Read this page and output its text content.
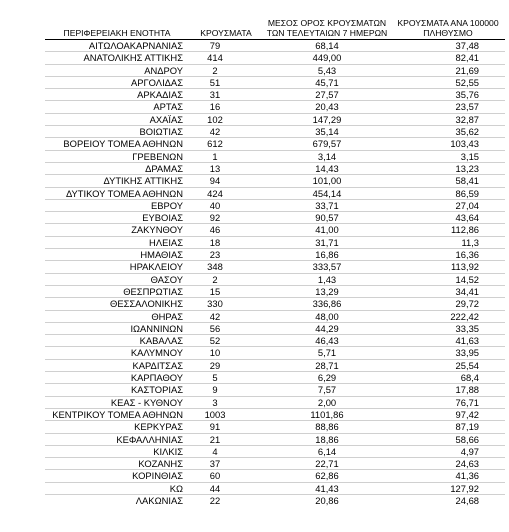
ΠΕΡΙΦΕΡΕΙΑΚΗ ΕΝΟΤΗΤΑ	ΚΡΟΥΣΜΑΤΑ	ΜΕΣΟΣ ΟΡΟΣ ΚΡΟΥΣΜΑΤΩΝ ΤΩΝ ΤΕΛΕΥΤΑΙΩΝ 7 ΗΜΕΡΩΝ	ΚΡΟΥΣΜΑΤΑ ΑΝΑ 100000 ΠΛΗΘΥΣΜΟ
ΑΙΤΩΛΟΑΚΑΡΝΑΝΙΑΣ	79	68,14	37,48
ΑΝΑΤΟΛΙΚΗΣ ΑΤΤΙΚΗΣ	414	449,00	82,41
ΑΝΔΡΟΥ	2	5,43	21,69
ΑΡΓΟΛΙΔΑΣ	51	45,71	52,55
ΑΡΚΑΔΙΑΣ	31	27,57	35,76
ΑΡΤΑΣ	16	20,43	23,57
ΑΧΑΪΑΣ	102	147,29	32,87
ΒΟΙΩΤΙΑΣ	42	35,14	35,62
ΒΟΡΕΙΟΥ ΤΟΜΕΑ ΑΘΗΝΩΝ	612	679,57	103,43
ΓΡΕΒΕΝΩΝ	1	3,14	3,15
ΔΡΑΜΑΣ	13	14,43	13,23
ΔΥΤΙΚΗΣ ΑΤΤΙΚΗΣ	94	101,00	58,41
ΔΥΤΙΚΟΥ ΤΟΜΕΑ ΑΘΗΝΩΝ	424	454,14	86,59
ΕΒΡΟΥ	40	33,71	27,04
ΕΥΒΟΙΑΣ	92	90,57	43,64
ΖΑΚΥΝΘΟΥ	46	41,00	112,86
ΗΛΕΙΑΣ	18	31,71	11,3
ΗΜΑΘΙΑΣ	23	16,86	16,36
ΗΡΑΚΛΕΙΟΥ	348	333,57	113,92
ΘΑΣΟΥ	2	1,43	14,52
ΘΕΣΠΡΩΤΙΑΣ	15	13,29	34,41
ΘΕΣΣΑΛΟΝΙΚΗΣ	330	336,86	29,72
ΘΗΡΑΣ	42	48,00	222,42
ΙΩΑΝΝΙΝΩΝ	56	44,29	33,35
ΚΑΒΑΛΑΣ	52	46,43	41,63
ΚΑΛΥΜΝΟΥ	10	5,71	33,95
ΚΑΡΔΙΤΣΑΣ	29	28,71	25,54
ΚΑΡΠΑΘΟΥ	5	6,29	68,4
ΚΑΣΤΟΡΙΑΣ	9	7,57	17,88
ΚΕΑΣ - ΚΥΘΝΟΥ	3	2,00	76,71
ΚΕΝΤΡΙΚΟΥ ΤΟΜΕΑ ΑΘΗΝΩΝ	1003	1101,86	97,42
ΚΕΡΚΥΡΑΣ	91	88,86	87,19
ΚΕΦΑΛΛΗΝΙΑΣ	21	18,86	58,66
ΚΙΛΚΙΣ	4	6,14	4,97
ΚΟΖΑΝΗΣ	37	22,71	24,63
ΚΟΡΙΝΘΙΑΣ	60	62,86	41,36
ΚΩ	44	41,43	127,92
ΛΑΚΩΝΙΑΣ	22	20,86	24,68
